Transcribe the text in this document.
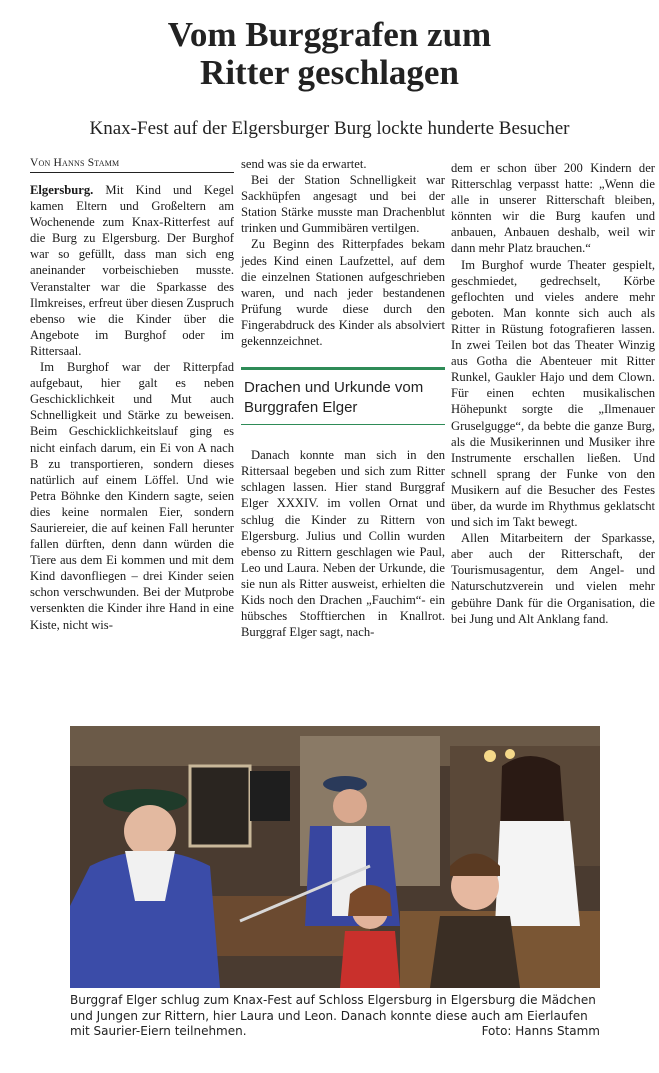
Vom Burggrafen zum
Ritter geschlagen
Knax-Fest auf der Elgersburger Burg lockte hunderte Besucher
Von Hanns Stamm

Elgersburg. Mit Kind und Kegel kamen Eltern und Großeltern am Wochenende zum Knax-Ritterfest auf die Burg zu Elgersburg. Der Burghof war so gefüllt, dass man sich eng aneinander vorbeischieben musste. Veranstalter war die Sparkasse des Ilmkreises, erfreut über diesen Zuspruch ebenso wie die Kinder über die Angebote im Burghof oder im Rittersaal.

Im Burghof war der Ritterpfad aufgebaut, hier galt es neben Geschicklichkeit und Mut auch Schnelligkeit und Stärke zu beweisen. Beim Geschicklichkeitslauf ging es nicht einfach darum, ein Ei von A nach B zu transportieren, sondern dieses natürlich auf einem Löffel. Und wie Petra Böhnke den Kindern sagte, seien dies keine normalen Eier, sondern Sauriereier, die auf keinen Fall herunter fallen dürften, denn dann würden die Tiere aus dem Ei kommen und mit dem Kind davonfliegen – drei Kinder seien schon verschwunden. Bei der Mutprobe versenkten die Kinder ihre Hand in eine Kiste, nicht wis-

send was sie da erwartet.

Bei der Station Schnelligkeit war Sackhüpfen angesagt und bei der Station Stärke musste man Drachenblut trinken und Gummibären vertilgen.

Zu Beginn des Ritterpfades bekam jedes Kind einen Laufzettel, auf dem die einzelnen Stationen aufgeschrieben waren, und nach jeder bestandenen Prüfung wurde diese durch den Fingerabdruck des Kinder als absolviert gekennzeichnet.

Drachen und Urkunde vom Burggrafen Elger

Danach konnte man sich in den Rittersaal begeben und sich zum Ritter schlagen lassen. Hier stand Burggraf Elger XXXIV. im vollen Ornat und schlug die Kinder zu Rittern von Elgersburg. Julius und Collin wurden ebenso zu Rittern geschlagen wie Paul, Leo und Laura. Neben der Urkunde, die sie nun als Ritter ausweist, erhielten die Kids noch den Drachen „Fauchim“- ein hübsches Stofftierchen in Knallrot. Burggraf Elger sagt, nach-

dem er schon über 200 Kindern der Ritterschlag verpasst hatte: „Wenn die alle in unserer Ritterschaft bleiben, könnten wir die Burg kaufen und anbauen, Anbauen deshalb, weil wir dann mehr Platz brauchen.“

Im Burghof wurde Theater gespielt, geschmiedet, gedrechselt, Körbe geflochten und vieles andere mehr geboten. Man konnte sich auch als Ritter in Rüstung fotografieren lassen. In zwei Teilen bot das Theater Winzig aus Gotha die Abenteuer mit Ritter Runkel, Gaukler Hajo und dem Clown. Für einen echten musikalischen Höhepunkt sorgte die „Ilmenauer Gruselgugge“, da bebte die ganze Burg, als die Musikerinnen und Musiker ihre Instrumente erschallen ließen. Und schnell sprang der Funke von den Musikern auf die Besucher des Festes über, da wurde im Rhythmus geklatscht und sich im Takt bewegt.

Allen Mitarbeitern der Sparkasse, aber auch der Ritterschaft, der Tourismusagentur, dem Angel- und Naturschutzverein und vielen mehr gebühre Dank für die Organisation, die bei Jung und Alt Anklang fand.

Burggraf Elger schlug zum Knax-Fest auf Schloss Elgersburg in Elgersburg die Mädchen und Jungen zur Rittern, hier Laura und Leon. Danach konnte diese auch am Eierlaufen mit Saurier-Eiern teilnehmen.	Foto: Hanns Stamm
